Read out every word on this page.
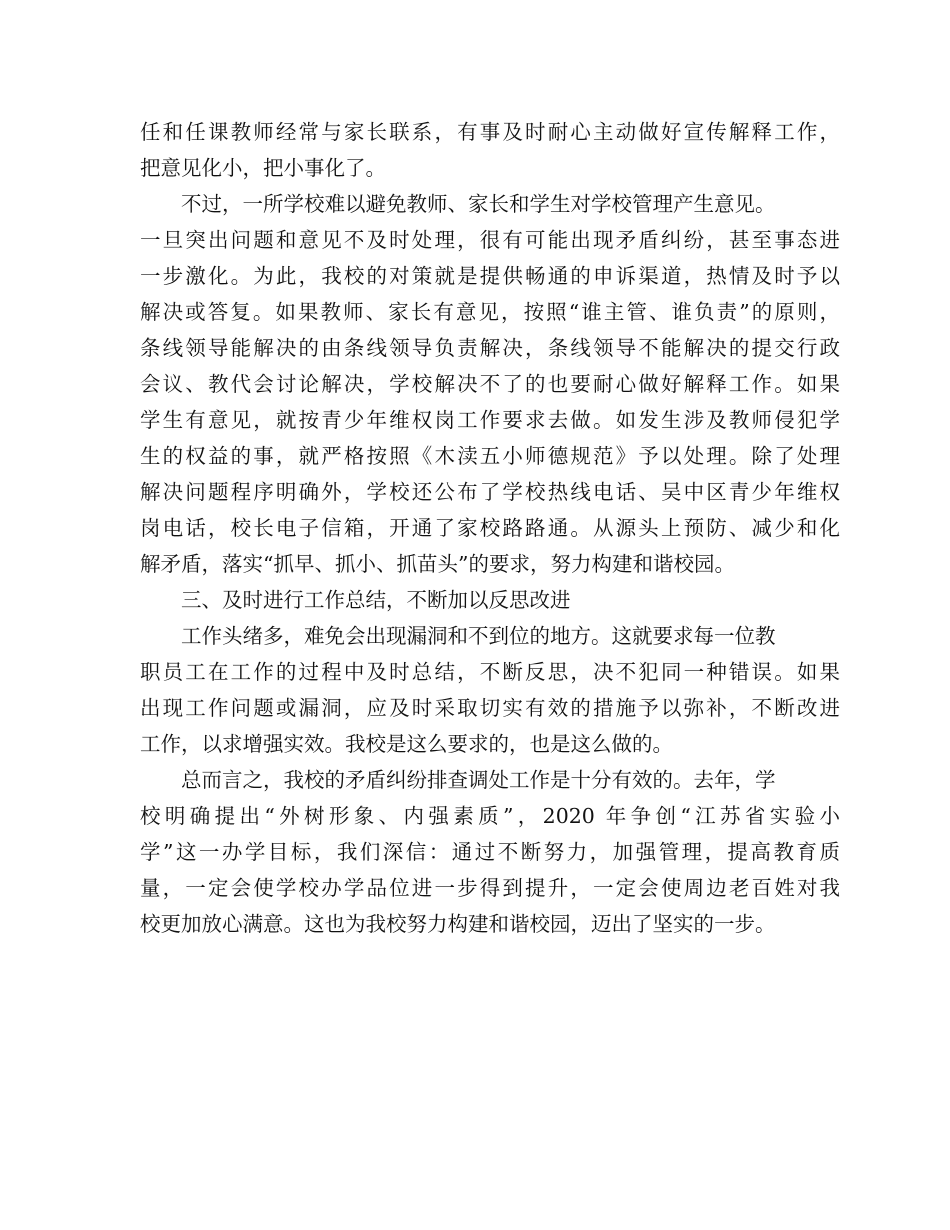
任和任课教师经常与家长联系，有事及时耐心主动做好宣传解释工作，
把意见化小，把小事化了。
不过，一所学校难以避免教师、家长和学生对学校管理产生意见。
一旦突出问题和意见不及时处理，很有可能出现矛盾纠纷，甚至事态进
一步激化。为此，我校的对策就是提供畅通的申诉渠道，热情及时予以
解决或答复。如果教师、家长有意见，按照“谁主管、谁负责”的原则，
条线领导能解决的由条线领导负责解决，条线领导不能解决的提交行政
会议、教代会讨论解决，学校解决不了的也要耐心做好解释工作。如果
学生有意见，就按青少年维权岗工作要求去做。如发生涉及教师侵犯学
生的权益的事，就严格按照《木渎五小师德规范》予以处理。除了处理
解决问题程序明确外，学校还公布了学校热线电话、吴中区青少年维权
岗电话，校长电子信箱，开通了家校路路通。从源头上预防、减少和化
解矛盾，落实“抓早、抓小、抓苗头”的要求，努力构建和谐校园。
三、及时进行工作总结，不断加以反思改进
工作头绪多，难免会出现漏洞和不到位的地方。这就要求每一位教
职员工在工作的过程中及时总结，不断反思，决不犯同一种错误。如果
出现工作问题或漏洞，应及时采取切实有效的措施予以弥补，不断改进
工作，以求增强实效。我校是这么要求的，也是这么做的。
总而言之，我校的矛盾纠纷排查调处工作是十分有效的。去年，学
校明确提出“外树形象、内强素质”，2020 年争创“江苏省实验小
学”这一办学目标，我们深信：通过不断努力，加强管理，提高教育质
量，一定会使学校办学品位进一步得到提升，一定会使周边老百姓对我
校更加放心满意。这也为我校努力构建和谐校园，迈出了坚实的一步。
